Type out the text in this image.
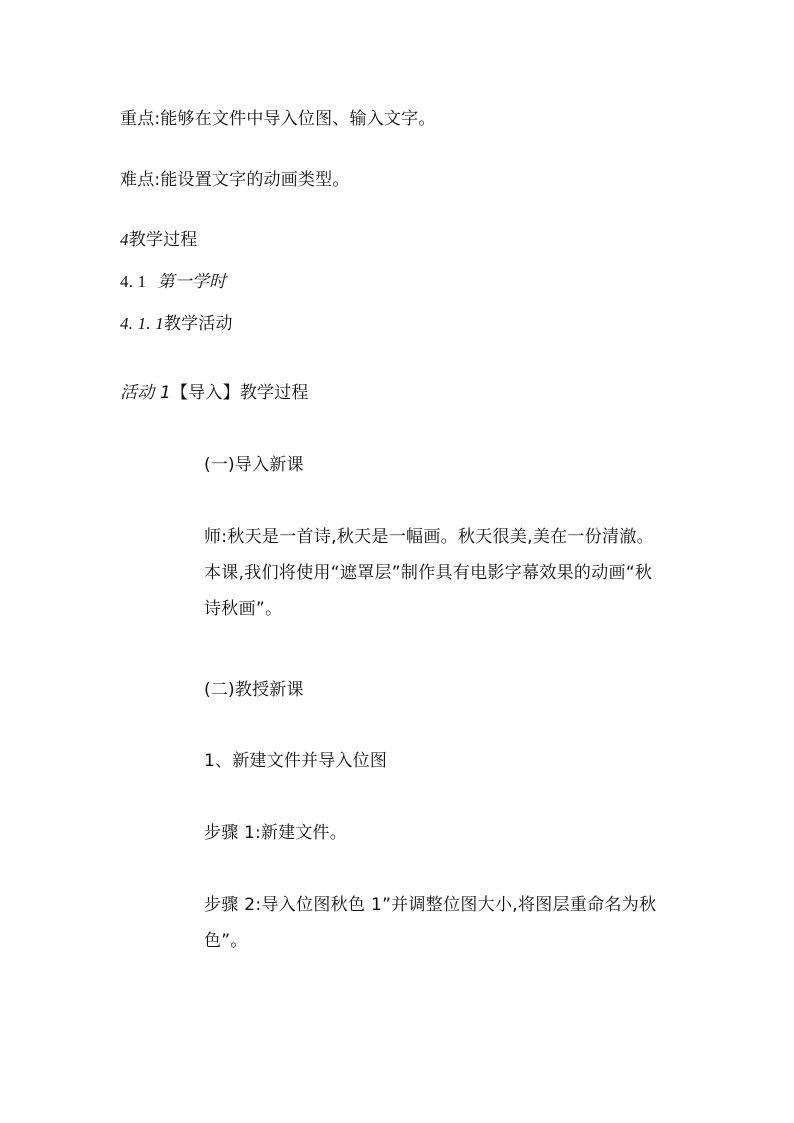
重点:能够在文件中导入位图、输入文字。
难点:能设置文字的动画类型。
4教学过程
4. 1 第一学时
4. 1. 1教学活动
活动 1【导入】教学过程
(一)导入新课
师:秋天是一首诗,秋天是一幅画。秋天很美,美在一份清澈。
本课,我们将使用“遮罩层”制作具有电影字幕效果的动画“秋
诗秋画”。
(二)教授新课
1、新建文件并导入位图
步骤 1:新建文件。
步骤 2:导入位图秋色 1”并调整位图大小,将图层重命名为秋
色”。
